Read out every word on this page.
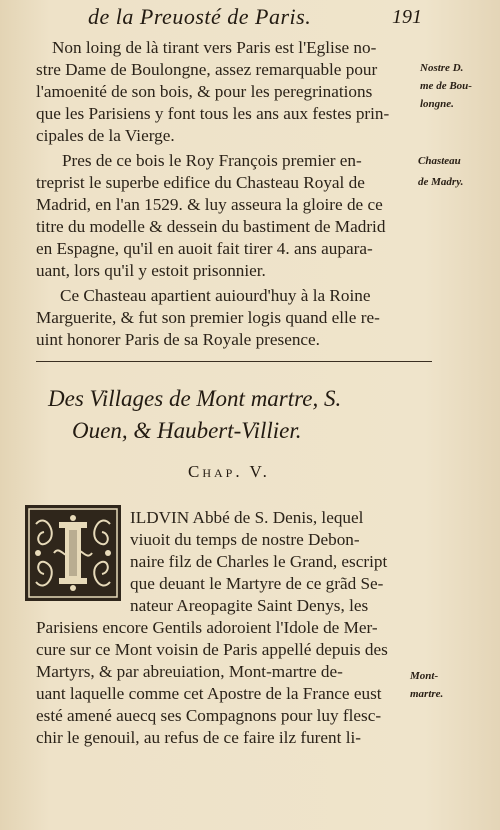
de la Preuosté de Paris.	191
Non loing de là tirant vers Paris est l'Eglise no-
stre Dame de Boulongne, assez remarquable pour
l'amoenité de son bois, & pour les peregrinations
que les Parisiens y font tous les ans aux festes prin-
cipales de la Vierge.
Pres de ce bois le Roy François premier en-
treprist le superbe edifice du Chasteau Royal de
Madrid, en l'an 1529. & luy asseura la gloire de ce
titre du modelle & dessein du bastiment de Madrid
en Espagne, qu'il en auoit fait tirer 4. ans aupara-
uant, lors qu'il y estoit prisonnier.
Ce Chasteau apartient auiourd'huy à la Roine
Marguerite, & fut son premier logis quand elle re-
uint honorer Paris de sa Royale presence.
Nostre D.
me de Bou-
longne.
Chasteau
de Madry.
Mont-
martre.
Des Villages de Mont martre, S.
Ouen, & Haubert-Villier.
Chap. V.
ILDVIN Abbé de S. Denis, lequel
viuoit du temps de nostre Debon-
naire filz de Charles le Grand, escript
que deuant le Martyre de ce grãd Se-
nateur Areopagite Saint Denys, les
Parisiens encore Gentils adoroient l'Idole de Mer-
cure sur ce Mont voisin de Paris appellé depuis des
Martyrs, & par abreuiation, Mont-martre de-
uant laquelle comme cet Apostre de la France eust
esté amené auecq ses Compagnons pour luy flesc-
chir le genouil, au refus de ce faire ilz furent li-
